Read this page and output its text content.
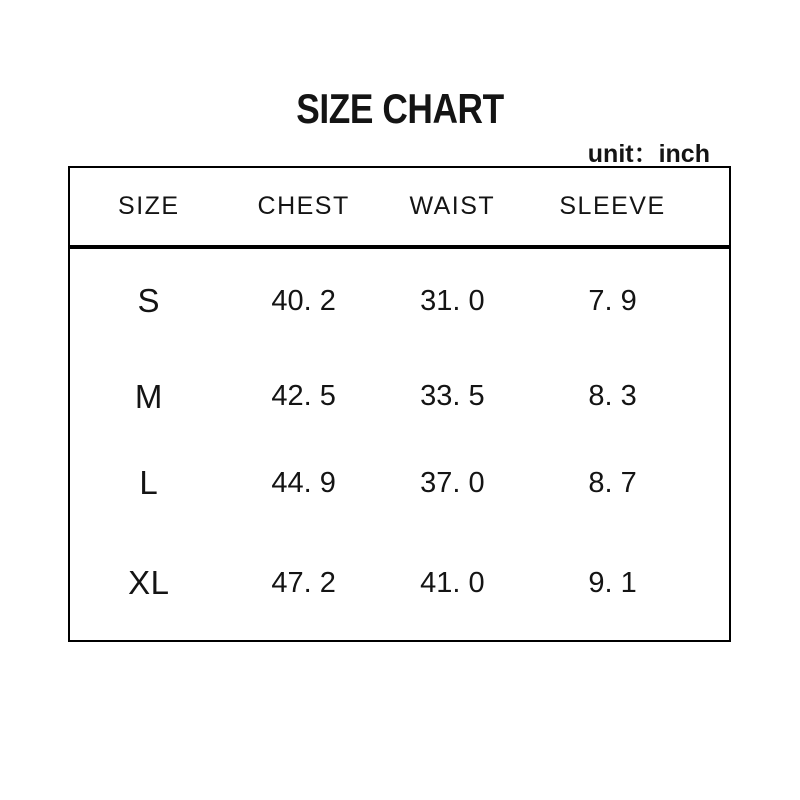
SIZE CHART
unit：inch
SIZE	CHEST	WAIST	SLEEVE
S	40. 2	31. 0	7. 9
M	42. 5	33. 5	8. 3
L	44. 9	37. 0	8. 7
XL	47. 2	41. 0	9. 1
